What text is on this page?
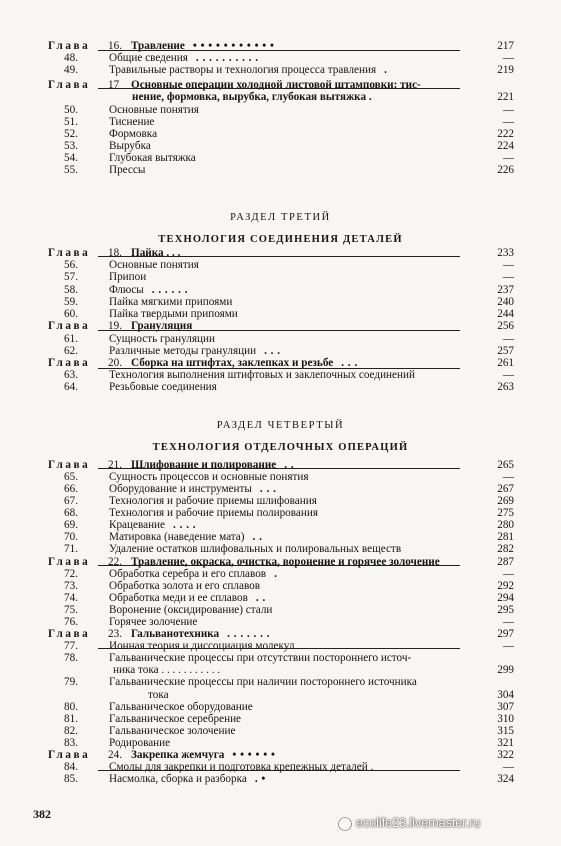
Глава 16. Травление • • • • • • • • • • •	217
48.	Общие сведения . . . . . . . . . .	—
49.	Травильные растворы и технология процесса травления .	219
Глава 17 Основные операции холодной листовой штамповки: тис-
нение, формовка, вырубка, глубокая вытяжка .	221
50.	Основные понятия	—
51.	Тиснение	—
52.	Формовка	222
53.	Вырубка	224
54.	Глубокая вытяжка	—
55.	Прессы	226
Глава 18. Пайка . . .	233
56.	Основные понятия	—
57.	Припои	—
58.	Флюсы . . . . . .	237
59.	Пайка мягкими припоями	240
60.	Пайка твердыми припоями	244
Глава 19. Грануляция	256
61.	Сущность грануляции	—
62.	Различные методы грануляции . . .	257
Глава 20. Сборка на штифтах, заклепках и резьбе . . .	261
63.	Технология выполнения штифтовых и заклепочных соединений	—
64.	Резьбовые соединения	263
Глава 21. Шлифование и полирование . .	265
65.	Сущность процессов и основные понятия	—
66.	Оборудование и инструменты . . .	267
67.	Технология и рабочие приемы шлифования	269
68.	Технология и рабочие приемы полирования	275
69.	Крацевание . . . .	280
70.	Матировка (наведение мата) . .	281
71.	Удаление остатков шлифовальных и полировальных веществ	282
Глава 22. Травление, окраска, очистка, воронение и горячее золочение	287
72.	Обработка серебра и его сплавов .	—
73.	Обработка золота и его сплавов	292
74.	Обработка меди и ее сплавов . .	294
75.	Воронение (оксидирование) стали	295
76.	Горячее золочение	—
Глава 23. Гальванотехника . . . . . . .	297
77.	Ионная теория и диссоциация молекул	—
78.	Гальванические процессы при отсутствии постороннего источ-
ника тока . . . . . . . . . . .	299
79.	Гальванические процессы при наличии постороннего источника
тока	304
80.	Гальваническое оборудование	307
81.	Гальваническое серебрение	310
82.	Гальваническое золочение	315
83.	Родирование	321
Глава 24. Закрепка жемчуга • • • • • •	322
84.	Смолы для закрепки и подготовка крепежных деталей .	—
85.	Насмолка, сборка и разборка . •	324
РАЗДЕЛ ТРЕТИЙ
ТЕХНОЛОГИЯ СОЕДИНЕНИЯ ДЕТАЛЕЙ
РАЗДЕЛ ЧЕТВЕРТЫЙ
ТЕХНОЛОГИЯ ОТДЕЛОЧНЫХ ОПЕРАЦИЙ
382
ecolife23.livemaster.ru
